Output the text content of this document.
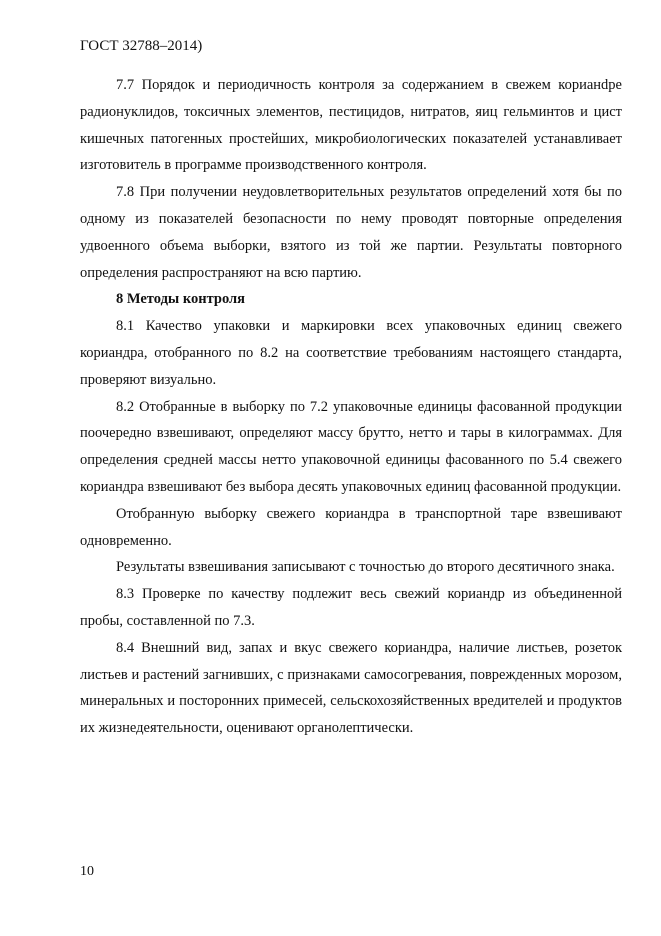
ГОСТ 32788–2014)

7.7 Порядок и периодичность контроля за содержанием в свежем корианdре радионуклидов, токсичных элементов, пестицидов, нитратов, яиц гельминтов и цист кишечных патогенных простейших, микробиологических показателей устанавливает изготовитель в программе производственного контроля.

7.8 При получении неудовлетворительных результатов определений хотя бы по одному из показателей безопасности по нему проводят повторные определения удвоенного объема выборки, взятого из той же партии. Результаты повторного определения распространяют на всю партию.

8 Методы контроля

8.1 Качество упаковки и маркировки всех упаковочных единиц свежего кориандра, отобранного по 8.2 на соответствие требованиям настоящего стандарта, проверяют визуально.

8.2 Отобранные в выборку по 7.2 упаковочные единицы фасованной продукции поочередно взвешивают, определяют массу брутто, нетто и тары в килограммах. Для определения средней массы нетто упаковочной единицы фасованного по 5.4 свежего кориандра взвешивают без выбора десять упаковочных единиц фасованной продукции.

Отобранную выборку свежего кориандра в транспортной таре взвешивают одновременно.

Результаты взвешивания записывают с точностью до второго десятичного знака.

8.3 Проверке по качеству подлежит весь свежий кориандр из объединенной пробы, составленной по 7.3.

8.4 Внешний вид, запах и вкус свежего кориандра, наличие листьев, розеток листьев и растений загнивших, с признаками самосогревания, поврежденных морозом, минеральных и посторонних примесей, сельскохозяйственных вредителей и продуктов их жизнедеятельности, оценивают органолептически.

10
